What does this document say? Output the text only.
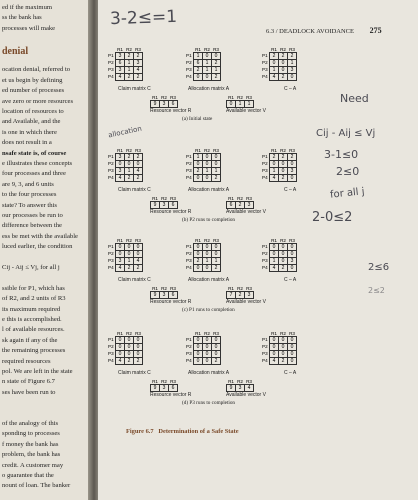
ed if the maximum
ss the bank has
processes will make
denial
ocation denial, referred to
et us begin by defining
ed number of processes
ave zero or more resources
location of resources to
and Available, and the
is one in which there
does not result in a
nsafe state is, of course
e illustrates these concepts
four processes and three
are 9, 3, and 6 units
to the four processes
state? To answer this
our processes be run to
difference between the
ess be met with the available
luced earlier, the condition
Cij - Aij ≤ Vj, for all j
ssible for P1, which has
of R2, and 2 units of R3
its maximum required
e this is accomplished.
l of available resources.
sk again if any of the
the remaining processes
required resources
pol. We are left in the state
n state of Figure 6.7
ses have been run to
of the analogy of this
sponding to processes
f money the bank has
problem, the bank has
credit. A customer may
o guarantee that the
nount of loan. The banker
6.3 / DEADLOCK AVOIDANCE 275
3-2≤=1
Need
allocation	Cij - Aij ≤ Vj
3-1≤0
2≤0
for all j
2-0≤2
2≤6
2≤2
Figure 6.7 Determination of a Safe State
	R1	R2	R3
P1	3	2	2
P2	6	1	3
P3	3	1	4
P4	4	2	2
	R1	R2	R3
P1	1	0	0
P2	6	1	2
P3	2	1	1
P4	0	0	2
	R1	R2	R3
P1	2	2	2
P2	0	0	1
P3	1	0	3
P4	4	2	0
Claim matrix C	Allocation matrix A	C – A
R1	R2	R3
9	3	6
R1	R2	R3
0	1	1
Resource vector R	Available vector V
(a) Initial state
	R1	R2	R3
P1	3	2	2
P2	0	0	0
P3	3	1	4
P4	4	2	2
	R1	R2	R3
P1	1	0	0
P2	0	0	0
P3	2	1	1
P4	0	0	2
	R1	R2	R3
P1	2	2	2
P2	0	0	0
P3	1	0	3
P4	4	2	0
Claim matrix C	Allocation matrix A	C – A
R1	R2	R3
9	3	6
R1	R2	R3
6	2	3
Resource vector R	Available vector V
(b) P2 runs to completion
	R1	R2	R3
P1	0	0	0
P2	0	0	0
P3	3	1	4
P4	4	2	2
	R1	R2	R3
P1	0	0	0
P2	0	0	0
P3	2	1	1
P4	0	0	2
	R1	R2	R3
P1	0	0	0
P2	0	0	0
P3	1	0	3
P4	4	2	0
Claim matrix C	Allocation matrix A	C – A
R1	R2	R3
9	3	6
R1	R2	R3
7	2	3
Resource vector R	Available vector V
(c) P1 runs to completion
	R1	R2	R3
P1	0	0	0
P2	0	0	0
P3	0	0	0
P4	4	2	2
	R1	R2	R3
P1	0	0	0
P2	0	0	0
P3	0	0	0
P4	0	0	2
	R1	R2	R3
P1	0	0	0
P2	0	0	0
P3	0	0	0
P4	4	2	0
Claim matrix C	Allocation matrix A	C – A
R1	R2	R3
9	3	6
R1	R2	R3
9	3	4
Resource vector R	Available vector V
(d) P3 runs to completion
